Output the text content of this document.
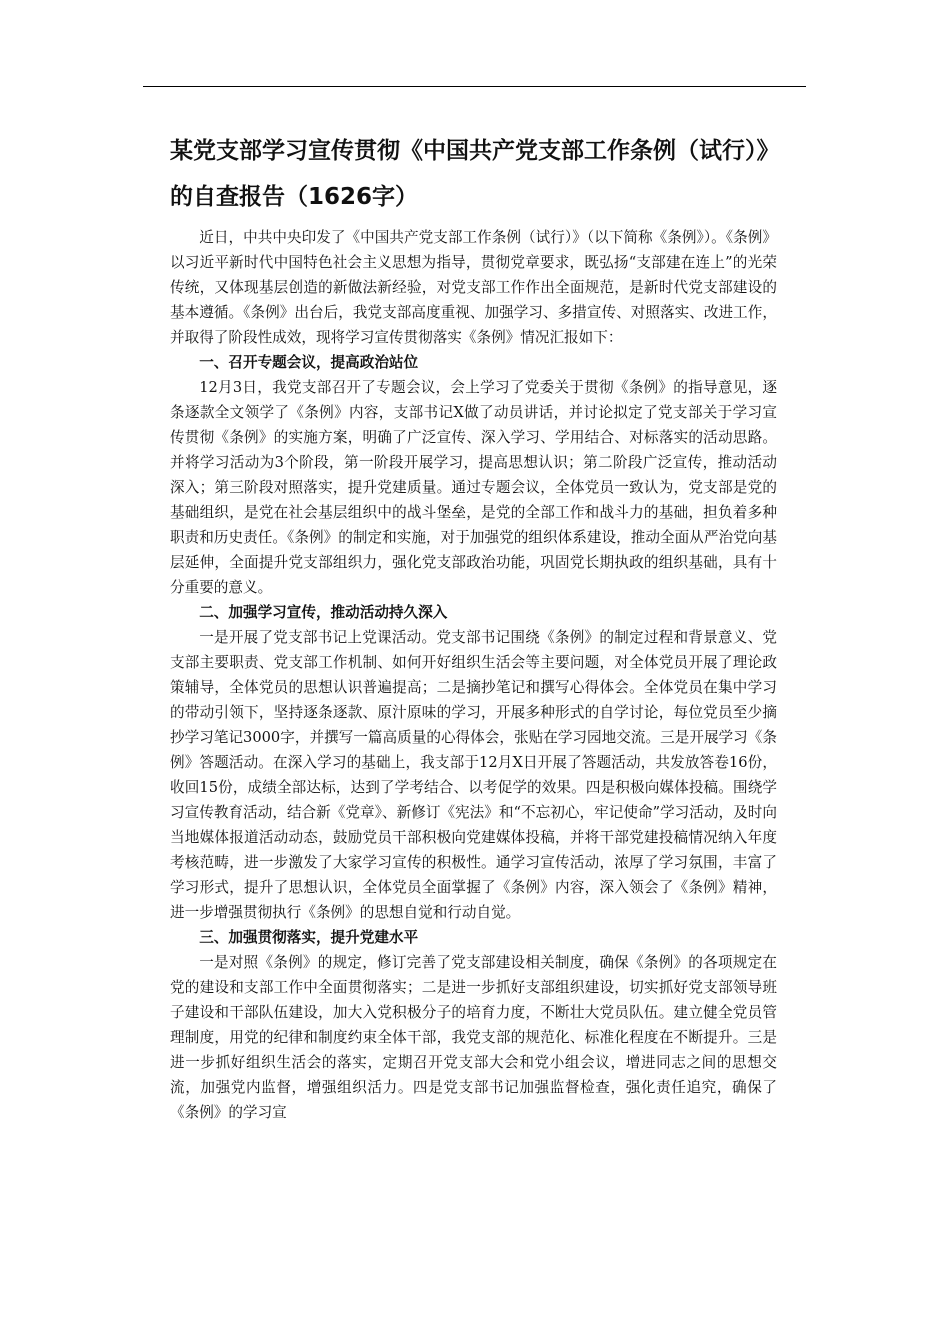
某党支部学习宣传贯彻《中国共产党支部工作条例（试行）》的自查报告（1626字）

近日，中共中央印发了《中国共产党支部工作条例（试行）》（以下简称《条例》）。《条例》以习近平新时代中国特色社会主义思想为指导，贯彻党章要求，既弘扬“支部建在连上”的光荣传统，又体现基层创造的新做法新经验，对党支部工作作出全面规范，是新时代党支部建设的基本遵循。《条例》出台后，我党支部高度重视、加强学习、多措宣传、对照落实、改进工作，并取得了阶段性成效，现将学习宣传贯彻落实《条例》情况汇报如下：

一、召开专题会议，提高政治站位

12月3日，我党支部召开了专题会议，会上学习了党委关于贯彻《条例》的指导意见，逐条逐款全文领学了《条例》内容，支部书记X做了动员讲话，并讨论拟定了党支部关于学习宣传贯彻《条例》的实施方案，明确了广泛宣传、深入学习、学用结合、对标落实的活动思路。并将学习活动为3个阶段，第一阶段开展学习，提高思想认识；第二阶段广泛宣传，推动活动深入；第三阶段对照落实，提升党建质量。通过专题会议，全体党员一致认为，党支部是党的基础组织，是党在社会基层组织中的战斗堡垒，是党的全部工作和战斗力的基础，担负着多种职责和历史责任。《条例》的制定和实施，对于加强党的组织体系建设，推动全面从严治党向基层延伸，全面提升党支部组织力，强化党支部政治功能，巩固党长期执政的组织基础，具有十分重要的意义。

二、加强学习宣传，推动活动持久深入

一是开展了党支部书记上党课活动。党支部书记围绕《条例》的制定过程和背景意义、党支部主要职责、党支部工作机制、如何开好组织生活会等主要问题，对全体党员开展了理论政策辅导，全体党员的思想认识普遍提高；二是摘抄笔记和撰写心得体会。全体党员在集中学习的带动引领下，坚持逐条逐款、原汁原味的学习，开展多种形式的自学讨论，每位党员至少摘抄学习笔记3000字，并撰写一篇高质量的心得体会，张贴在学习园地交流。三是开展学习《条例》答题活动。在深入学习的基础上，我支部于12月X日开展了答题活动，共发放答卷16份，收回15份，成绩全部达标，达到了学考结合、以考促学的效果。四是积极向媒体投稿。围绕学习宣传教育活动，结合新《党章》、新修订《宪法》和“不忘初心，牢记使命”学习活动，及时向当地媒体报道活动动态，鼓励党员干部积极向党建媒体投稿，并将干部党建投稿情况纳入年度考核范畴，进一步激发了大家学习宣传的积极性。通学习宣传活动，浓厚了学习氛围，丰富了学习形式，提升了思想认识，全体党员全面掌握了《条例》内容，深入领会了《条例》精神，进一步增强贯彻执行《条例》的思想自觉和行动自觉。

三、加强贯彻落实，提升党建水平

一是对照《条例》的规定，修订完善了党支部建设相关制度，确保《条例》的各项规定在党的建设和支部工作中全面贯彻落实；二是进一步抓好支部组织建设，切实抓好党支部领导班子建设和干部队伍建设，加大入党积极分子的培育力度，不断壮大党员队伍。建立健全党员管理制度，用党的纪律和制度约束全体干部，我党支部的规范化、标准化程度在不断提升。三是进一步抓好组织生活会的落实，定期召开党支部大会和党小组会议，增进同志之间的思想交流，加强党内监督，增强组织活力。四是党支部书记加强监督检查，强化责任追究，确保了《条例》的学习宣
